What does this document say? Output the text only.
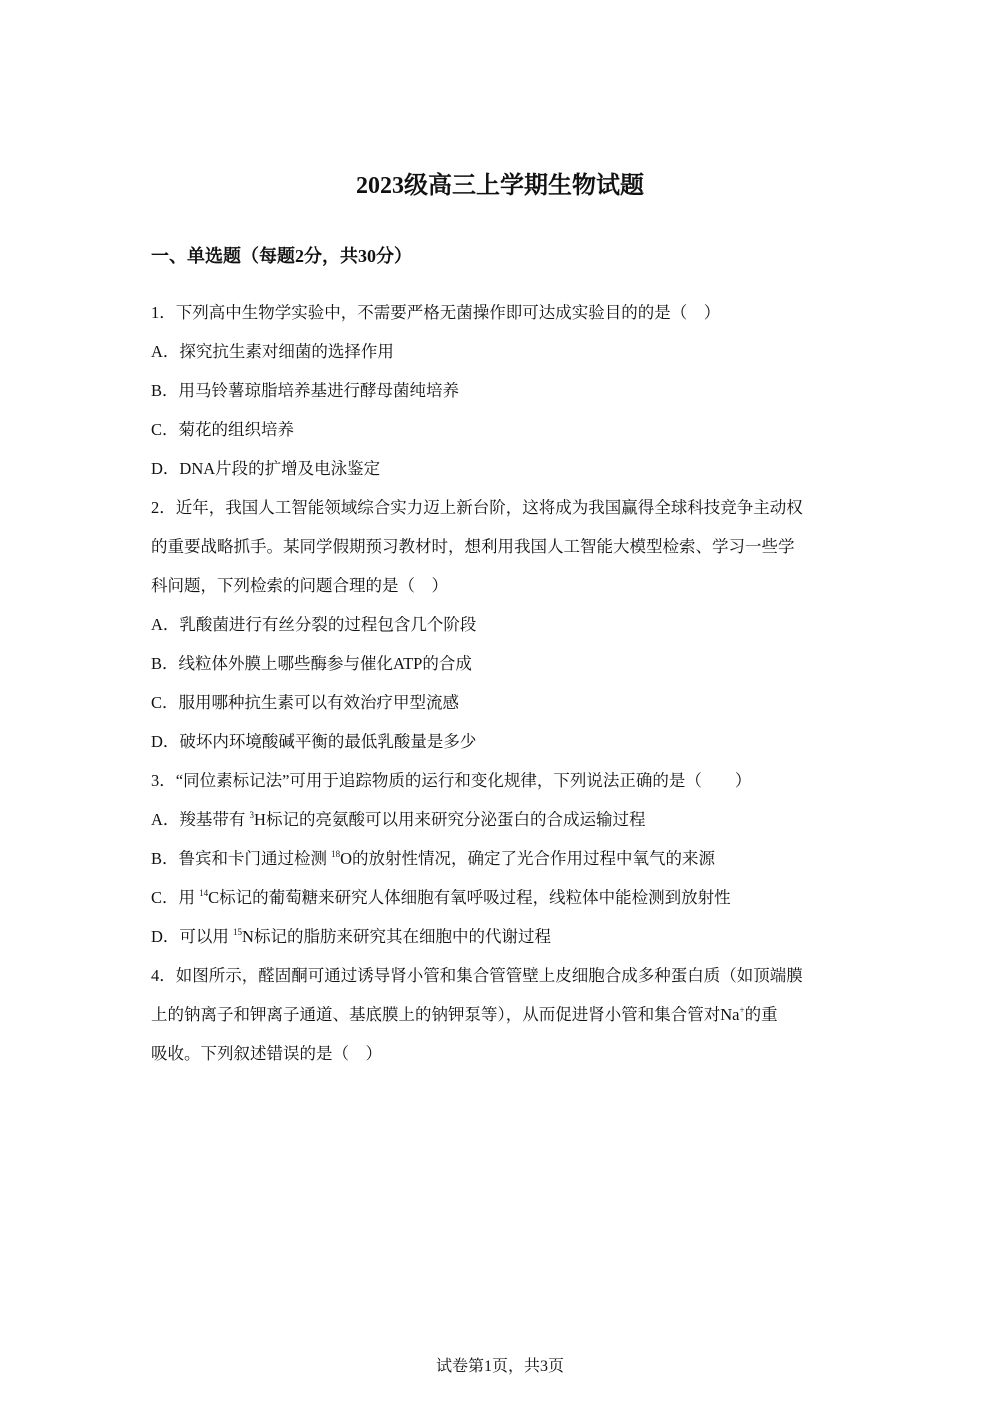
2023级高三上学期生物试题
一、单选题（每题2分，共30分）
1．下列高中生物学实验中，不需要严格无菌操作即可达成实验目的的是（　）
A．探究抗生素对细菌的选择作用
B．用马铃薯琼脂培养基进行酵母菌纯培养
C．菊花的组织培养
D．DNA片段的扩增及电泳鉴定
2．近年，我国人工智能领域综合实力迈上新台阶，这将成为我国赢得全球科技竞争主动权
的重要战略抓手。某同学假期预习教材时，想利用我国人工智能大模型检索、学习一些学
科问题，下列检索的问题合理的是（　）
A．乳酸菌进行有丝分裂的过程包含几个阶段
B．线粒体外膜上哪些酶参与催化ATP的合成
C．服用哪种抗生素可以有效治疗甲型流感
D．破坏内环境酸碱平衡的最低乳酸量是多少
3．“同位素标记法”可用于追踪物质的运行和变化规律，下列说法正确的是（　　）
A．羧基带有 $^3$H标记的亮氨酸可以用来研究分泌蛋白的合成运输过程
B．鲁宾和卡门通过检测 $^{18}$O的放射性情况，确定了光合作用过程中氧气的来源
C．用 $^{14}$C标记的葡萄糖来研究人体细胞有氧呼吸过程，线粒体中能检测到放射性
D．可以用 $^{15}$N标记的脂肪来研究其在细胞中的代谢过程
4．如图所示，醛固酮可通过诱导肾小管和集合管管壁上皮细胞合成多种蛋白质（如顶端膜
上的钠离子和钾离子通道、基底膜上的钠钾泵等），从而促进肾小管和集合管对Na+的重
吸收。下列叙述错误的是（　）
试卷第1页，共3页
